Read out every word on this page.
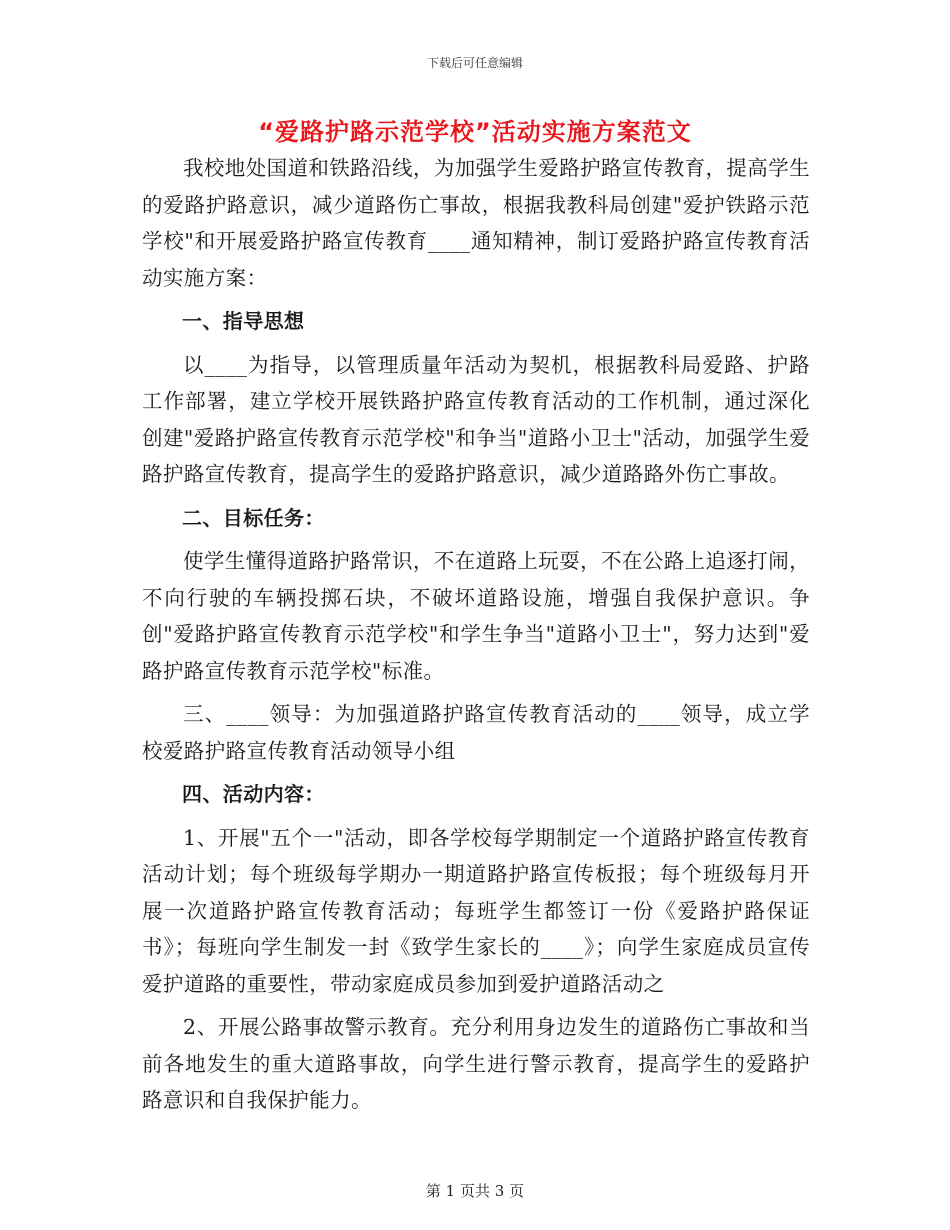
下载后可任意编辑
“爱路护路示范学校”活动实施方案范文

我校地处国道和铁路沿线，为加强学生爱路护路宣传教育，提高学生的爱路护路意识，减少道路伤亡事故，根据我教科局创建"爱护铁路示范学校"和开展爱路护路宣传教育____通知精神，制订爱路护路宣传教育活动实施方案：

一、指导思想

以____为指导，以管理质量年活动为契机，根据教科局爱路、护路工作部署，建立学校开展铁路护路宣传教育活动的工作机制，通过深化创建"爱路护路宣传教育示范学校"和争当"道路小卫士"活动，加强学生爱路护路宣传教育，提高学生的爱路护路意识，减少道路路外伤亡事故。

二、目标任务：

使学生懂得道路护路常识，不在道路上玩耍，不在公路上追逐打闹，不向行驶的车辆投掷石块，不破坏道路设施，增强自我保护意识。争创"爱路护路宣传教育示范学校"和学生争当"道路小卫士"，努力达到"爱路护路宣传教育示范学校"标准。

三、____领导：为加强道路护路宣传教育活动的____领导，成立学校爱路护路宣传教育活动领导小组

四、活动内容：

1、开展"五个一"活动，即各学校每学期制定一个道路护路宣传教育活动计划；每个班级每学期办一期道路护路宣传板报；每个班级每月开展一次道路护路宣传教育活动；每班学生都签订一份《爱路护路保证书》；每班向学生制发一封《致学生家长的____》；向学生家庭成员宣传爱护道路的重要性，带动家庭成员参加到爱护道路活动之

2、开展公路事故警示教育。充分利用身边发生的道路伤亡事故和当前各地发生的重大道路事故，向学生进行警示教育，提高学生的爱路护路意识和自我保护能力。

第 1 页共 3 页
